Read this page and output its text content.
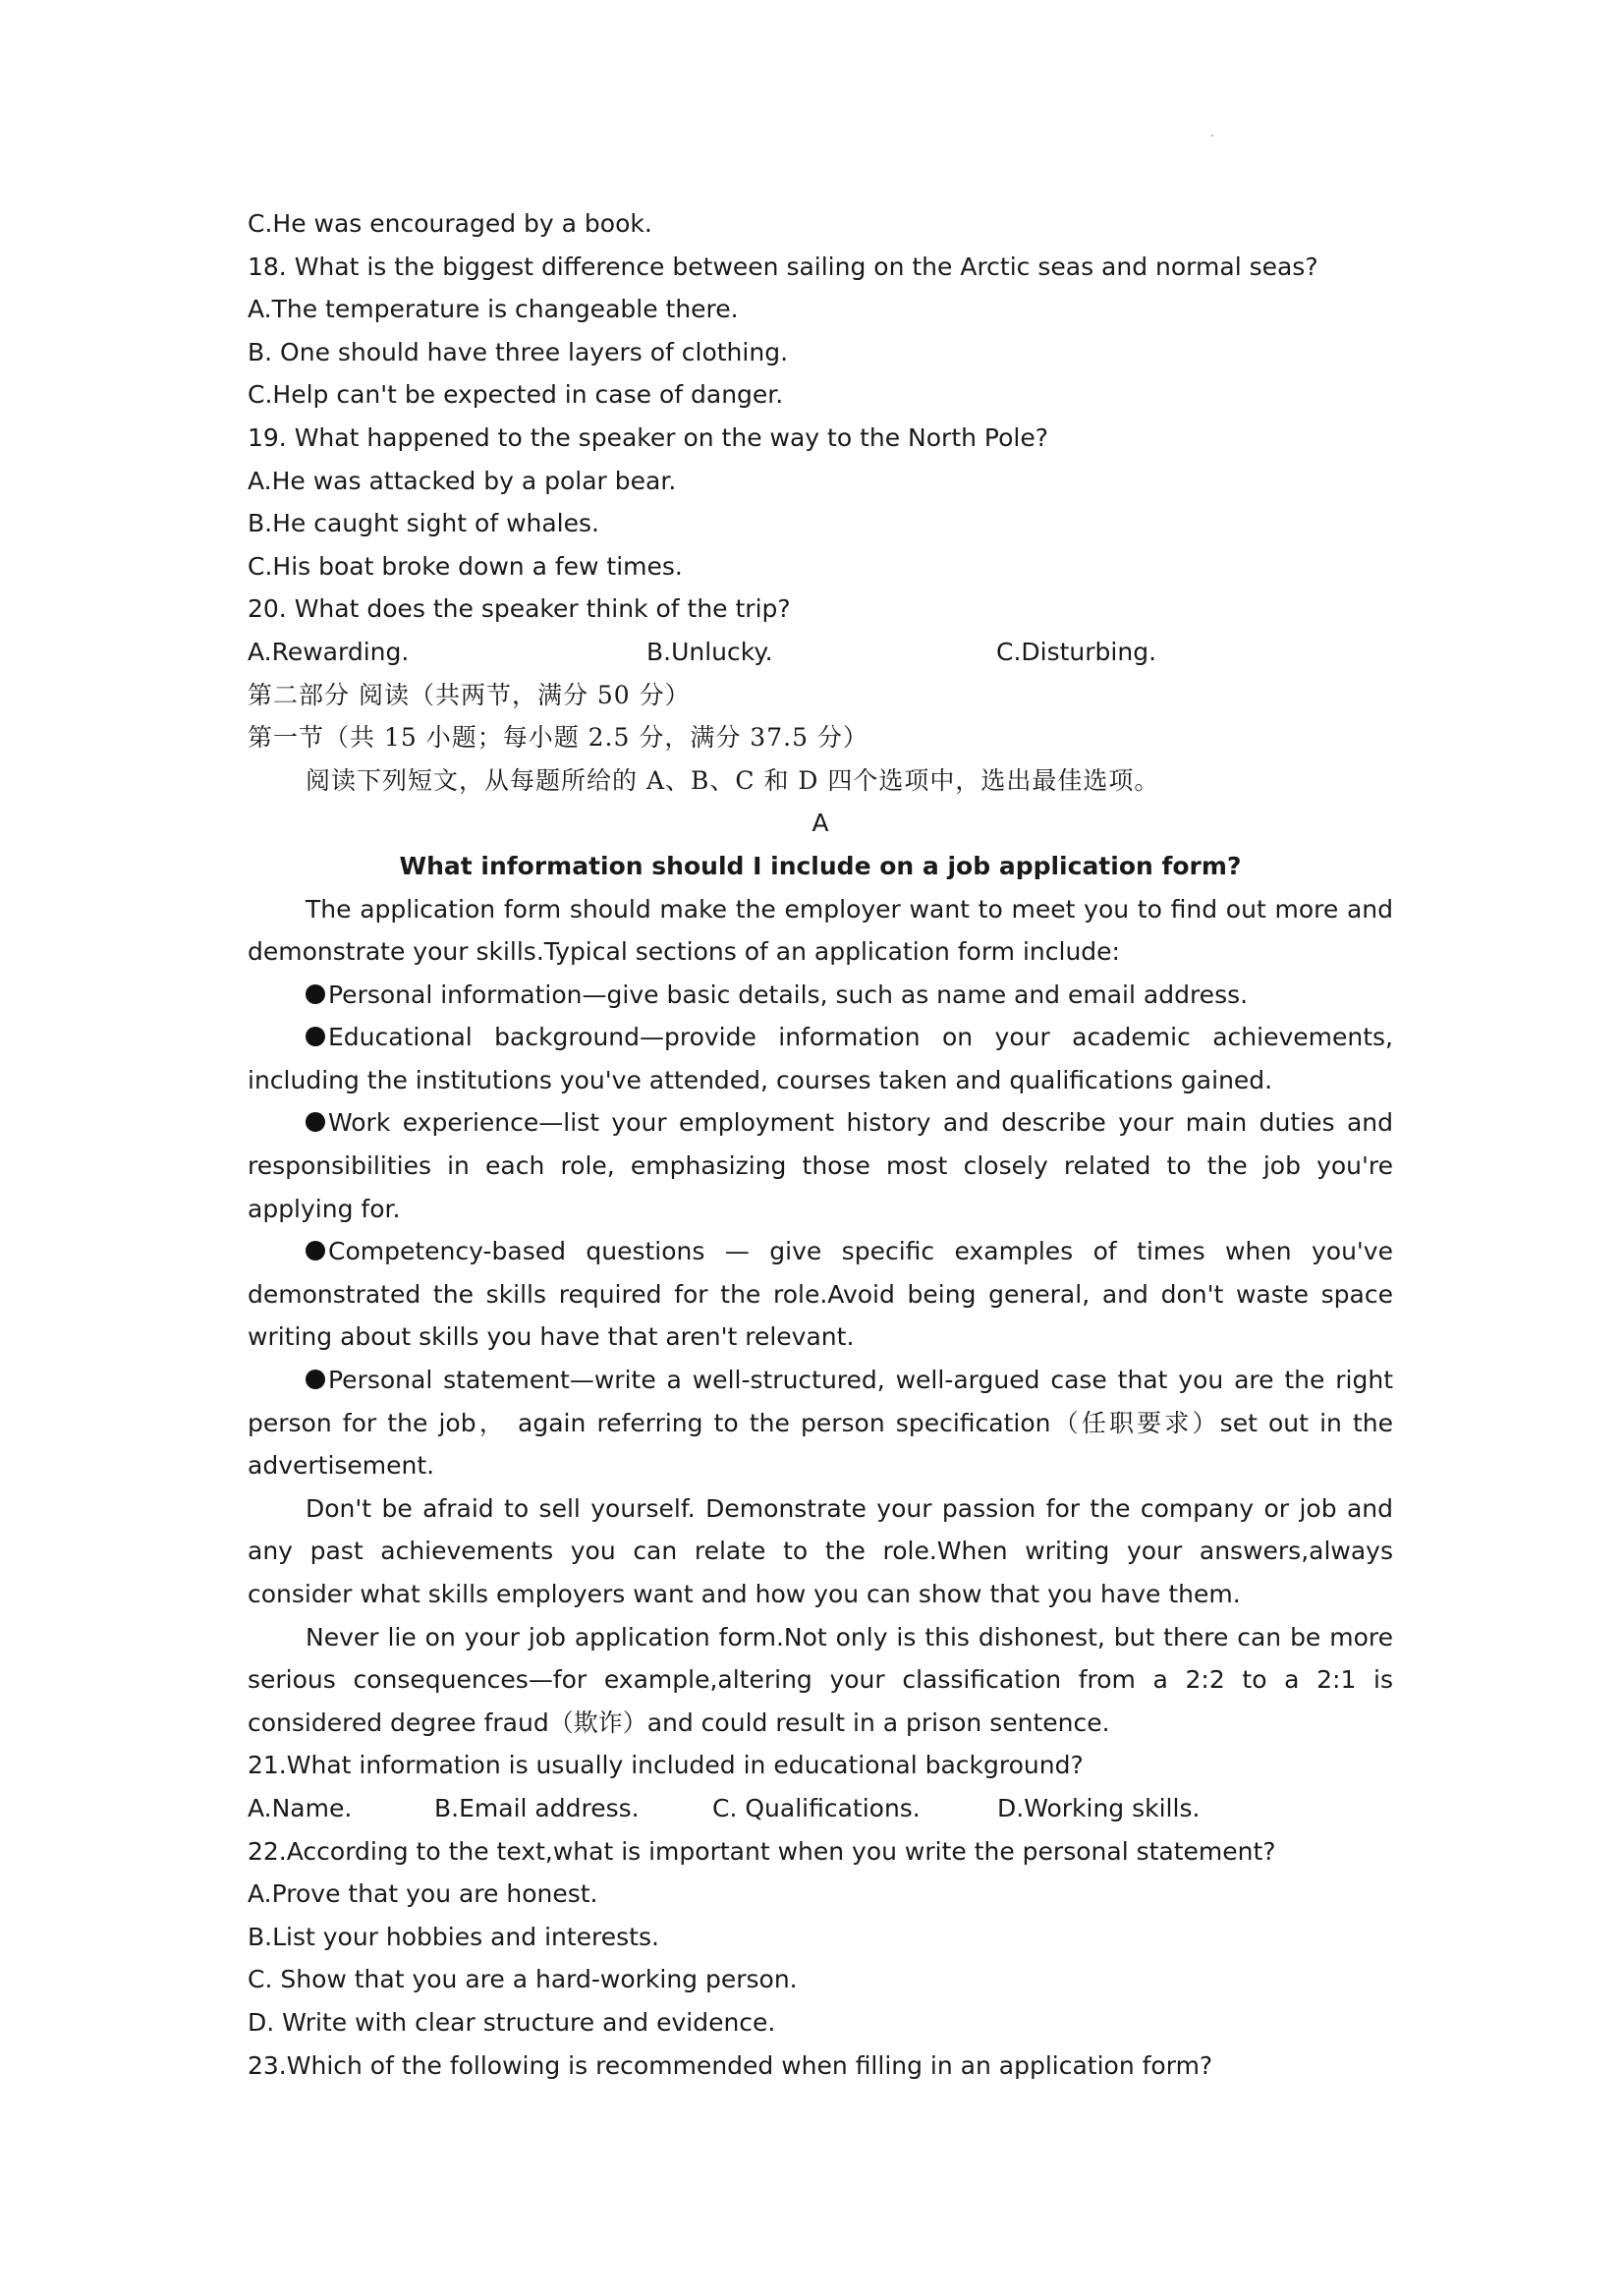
C.He was encouraged by a book.

18. What is the biggest difference between sailing on the Arctic seas and normal seas?

A.The temperature is changeable there.

B. One should have three layers of clothing.

C.Help can't be expected in case of danger.

19. What happened to the speaker on the way to the North Pole?

A.He was attacked by a polar bear.

B.He caught sight of whales.

C.His boat broke down a few times.

20. What does the speaker think of the trip?

A.Rewarding.	B.Unlucky.	C.Disturbing.

第二部分 阅读（共两节，满分 50 分）

第一节（共 15 小题；每小题 2.5 分，满分 37.5 分）

阅读下列短文，从每题所给的 A、B、C 和 D 四个选项中，选出最佳选项。

A

What information should I include on a job application form?

The application form should make the employer want to meet you to find out more and demonstrate your skills.Typical sections of an application form include:

Personal information—give basic details, such as name and email address.

Educational background—provide information on your academic achievements, including the institutions you've attended, courses taken and qualifications gained.

Work experience—list your employment history and describe your main duties and responsibilities in each role, emphasizing those most closely related to the job you're applying for.

Competency-based questions — give specific examples of times when you've demonstrated the skills required for the role.Avoid being general, and don't waste space writing about skills you have that aren't relevant.

Personal statement—write a well-structured, well-argued case that you are the right person for the job， again referring to the person specification（任职要求）set out in the advertisement.

Don't be afraid to sell yourself. Demonstrate your passion for the company or job and any past achievements you can relate to the role.When writing your answers,always consider what skills employers want and how you can show that you have them.

Never lie on your job application form.Not only is this dishonest, but there can be more serious consequences—for example,altering your classification from a 2:2 to a 2:1 is considered degree fraud（欺诈）and could result in a prison sentence.

21.What information is usually included in educational background?

A.Name.	B.Email address.	C. Qualifications.	D.Working skills.

22.According to the text,what is important when you write the personal statement?

A.Prove that you are honest.

B.List your hobbies and interests.

C. Show that you are a hard-working person.

D. Write with clear structure and evidence.

23.Which of the following is recommended when filling in an application form?
